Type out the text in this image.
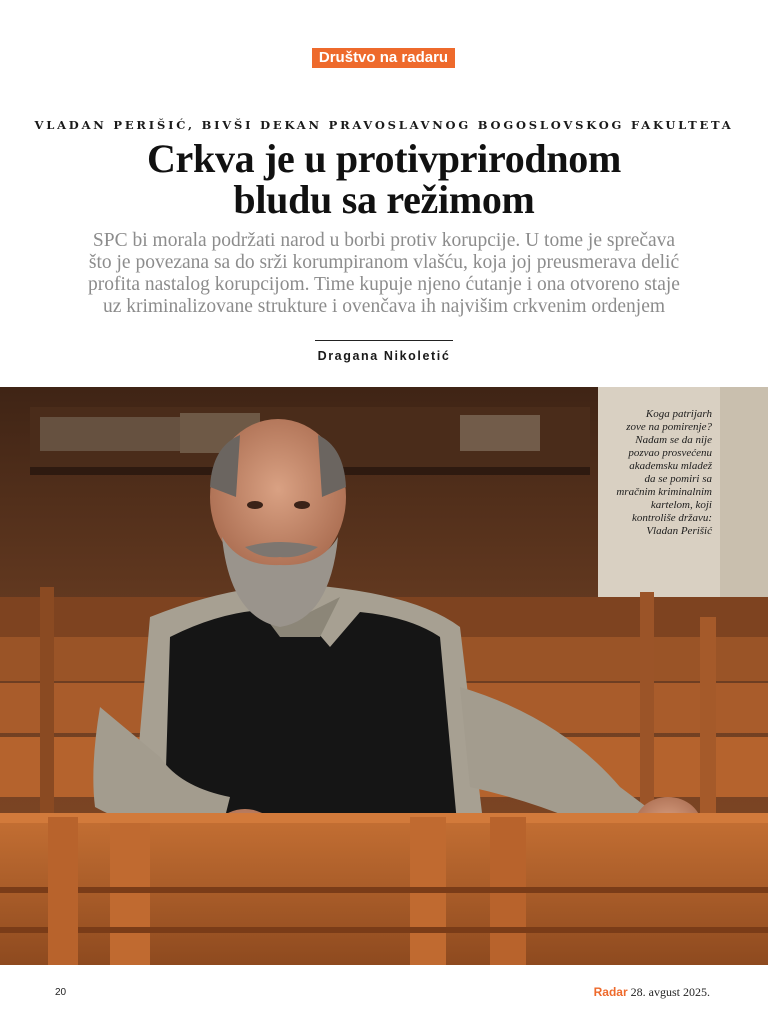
Društvo na radaru
VLADAN PERIŠIĆ, BIVŠI DEKAN PRAVOSLAVNOG BOGOSLOVSKOG FAKULTETA
Crkva je u protivprirodnom
bludu sa režimom

SPC bi morala podržati narod u borbi protiv korupcije. U tome je sprečava
što je povezana sa do srži korumpiranom vlašću, koja joj preusmerava delić
profita nastalog korupcijom. Time kupuje njeno ćutanje i ona otvoreno staje
uz kriminalizovane strukture i ovenčava ih najvišim crkvenim ordenjem

Dragana Nikoletić
Koga patrijarh
zove na pomirenje?
Nadam se da nije
pozvao prosvećenu
akademsku mladež
da se pomiri sa
mračnim kriminalnim
kartelom, koji
kontroliše državu:
Vladan Perišić
20	Radar 28. avgust 2025.
